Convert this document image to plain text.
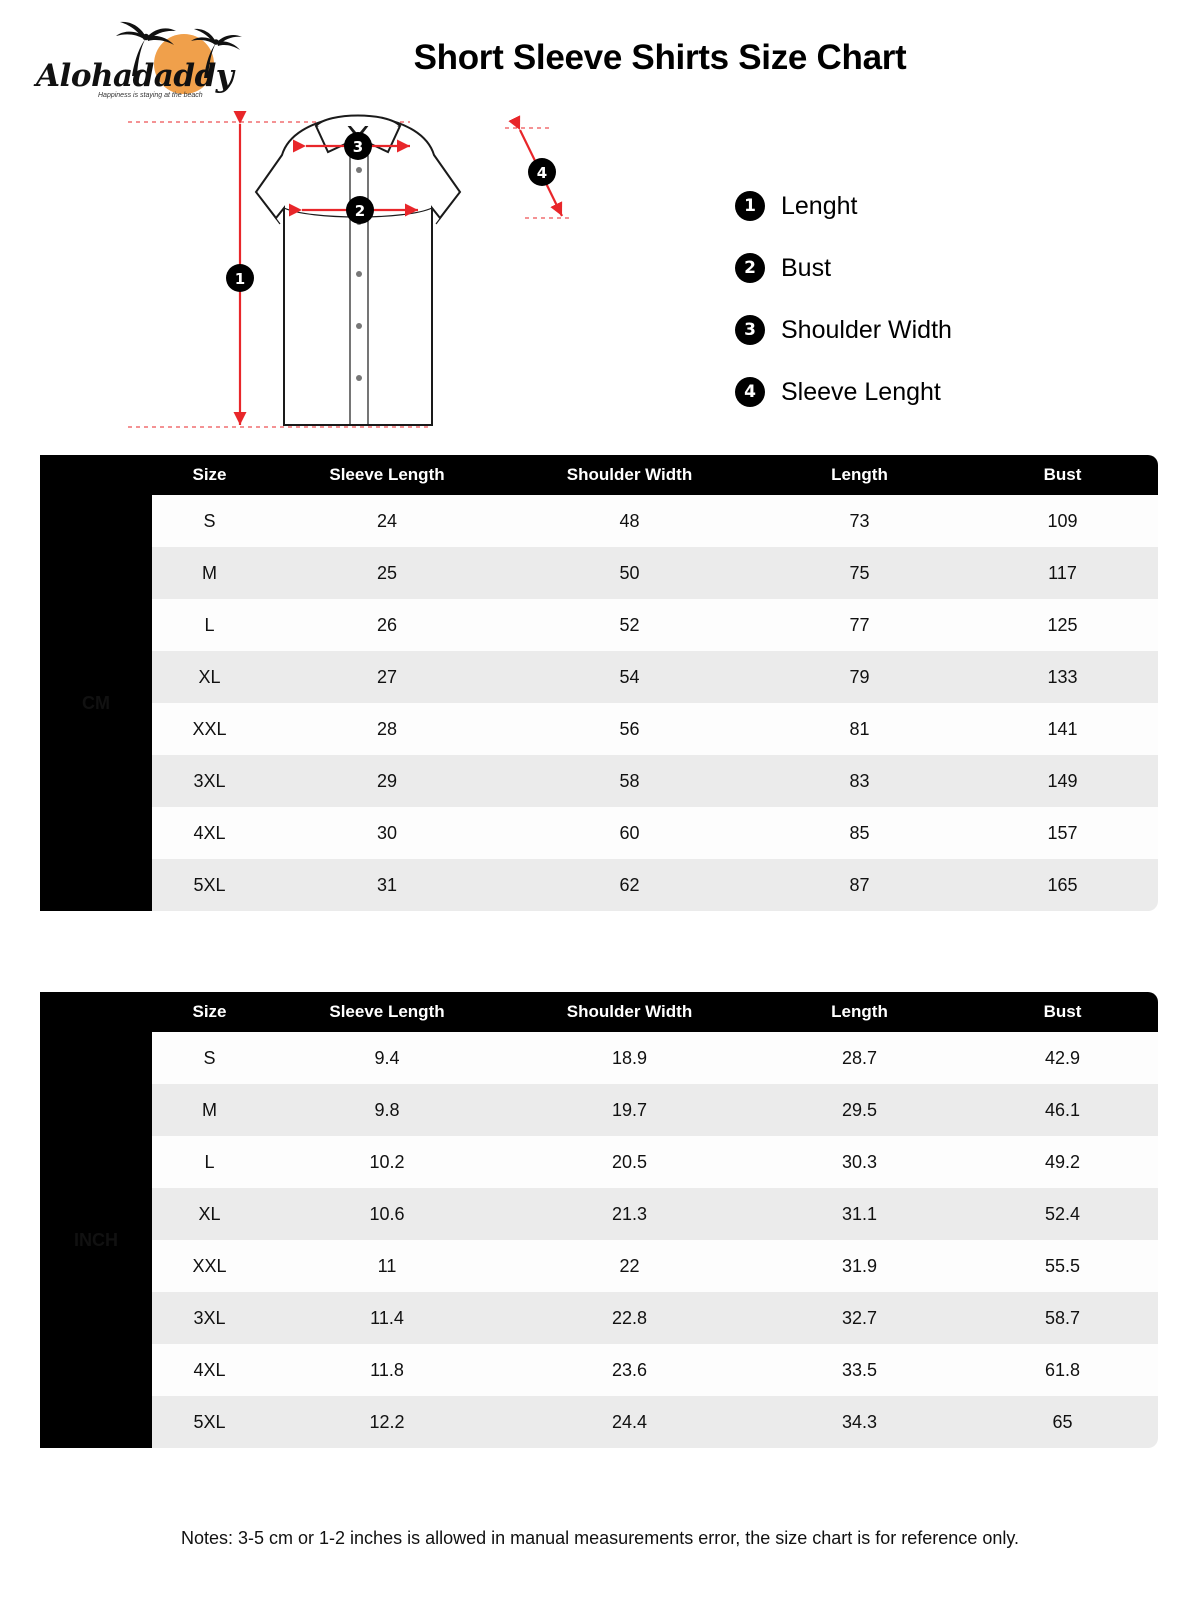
Alohadaddy
Happiness is staying at the beach
Short Sleeve Shirts Size Chart
1
3
2
4
1	Lenght
2	Bust
3	Shoulder Width
4	Sleeve Lenght
	Size	Sleeve Length	Shoulder Width	Length	Bust
CM	S	24	48	73	109
	M	25	50	75	117
	L	26	52	77	125
	XL	27	54	79	133
	XXL	28	56	81	141
	3XL	29	58	83	149
	4XL	30	60	85	157
	5XL	31	62	87	165
	Size	Sleeve Length	Shoulder Width	Length	Bust
INCH	S	9.4	18.9	28.7	42.9
	M	9.8	19.7	29.5	46.1
	L	10.2	20.5	30.3	49.2
	XL	10.6	21.3	31.1	52.4
	XXL	11	22	31.9	55.5
	3XL	11.4	22.8	32.7	58.7
	4XL	11.8	23.6	33.5	61.8
	5XL	12.2	24.4	34.3	65
Notes: 3-5 cm or 1-2 inches is allowed in manual measurements error, the size chart is for reference only.
